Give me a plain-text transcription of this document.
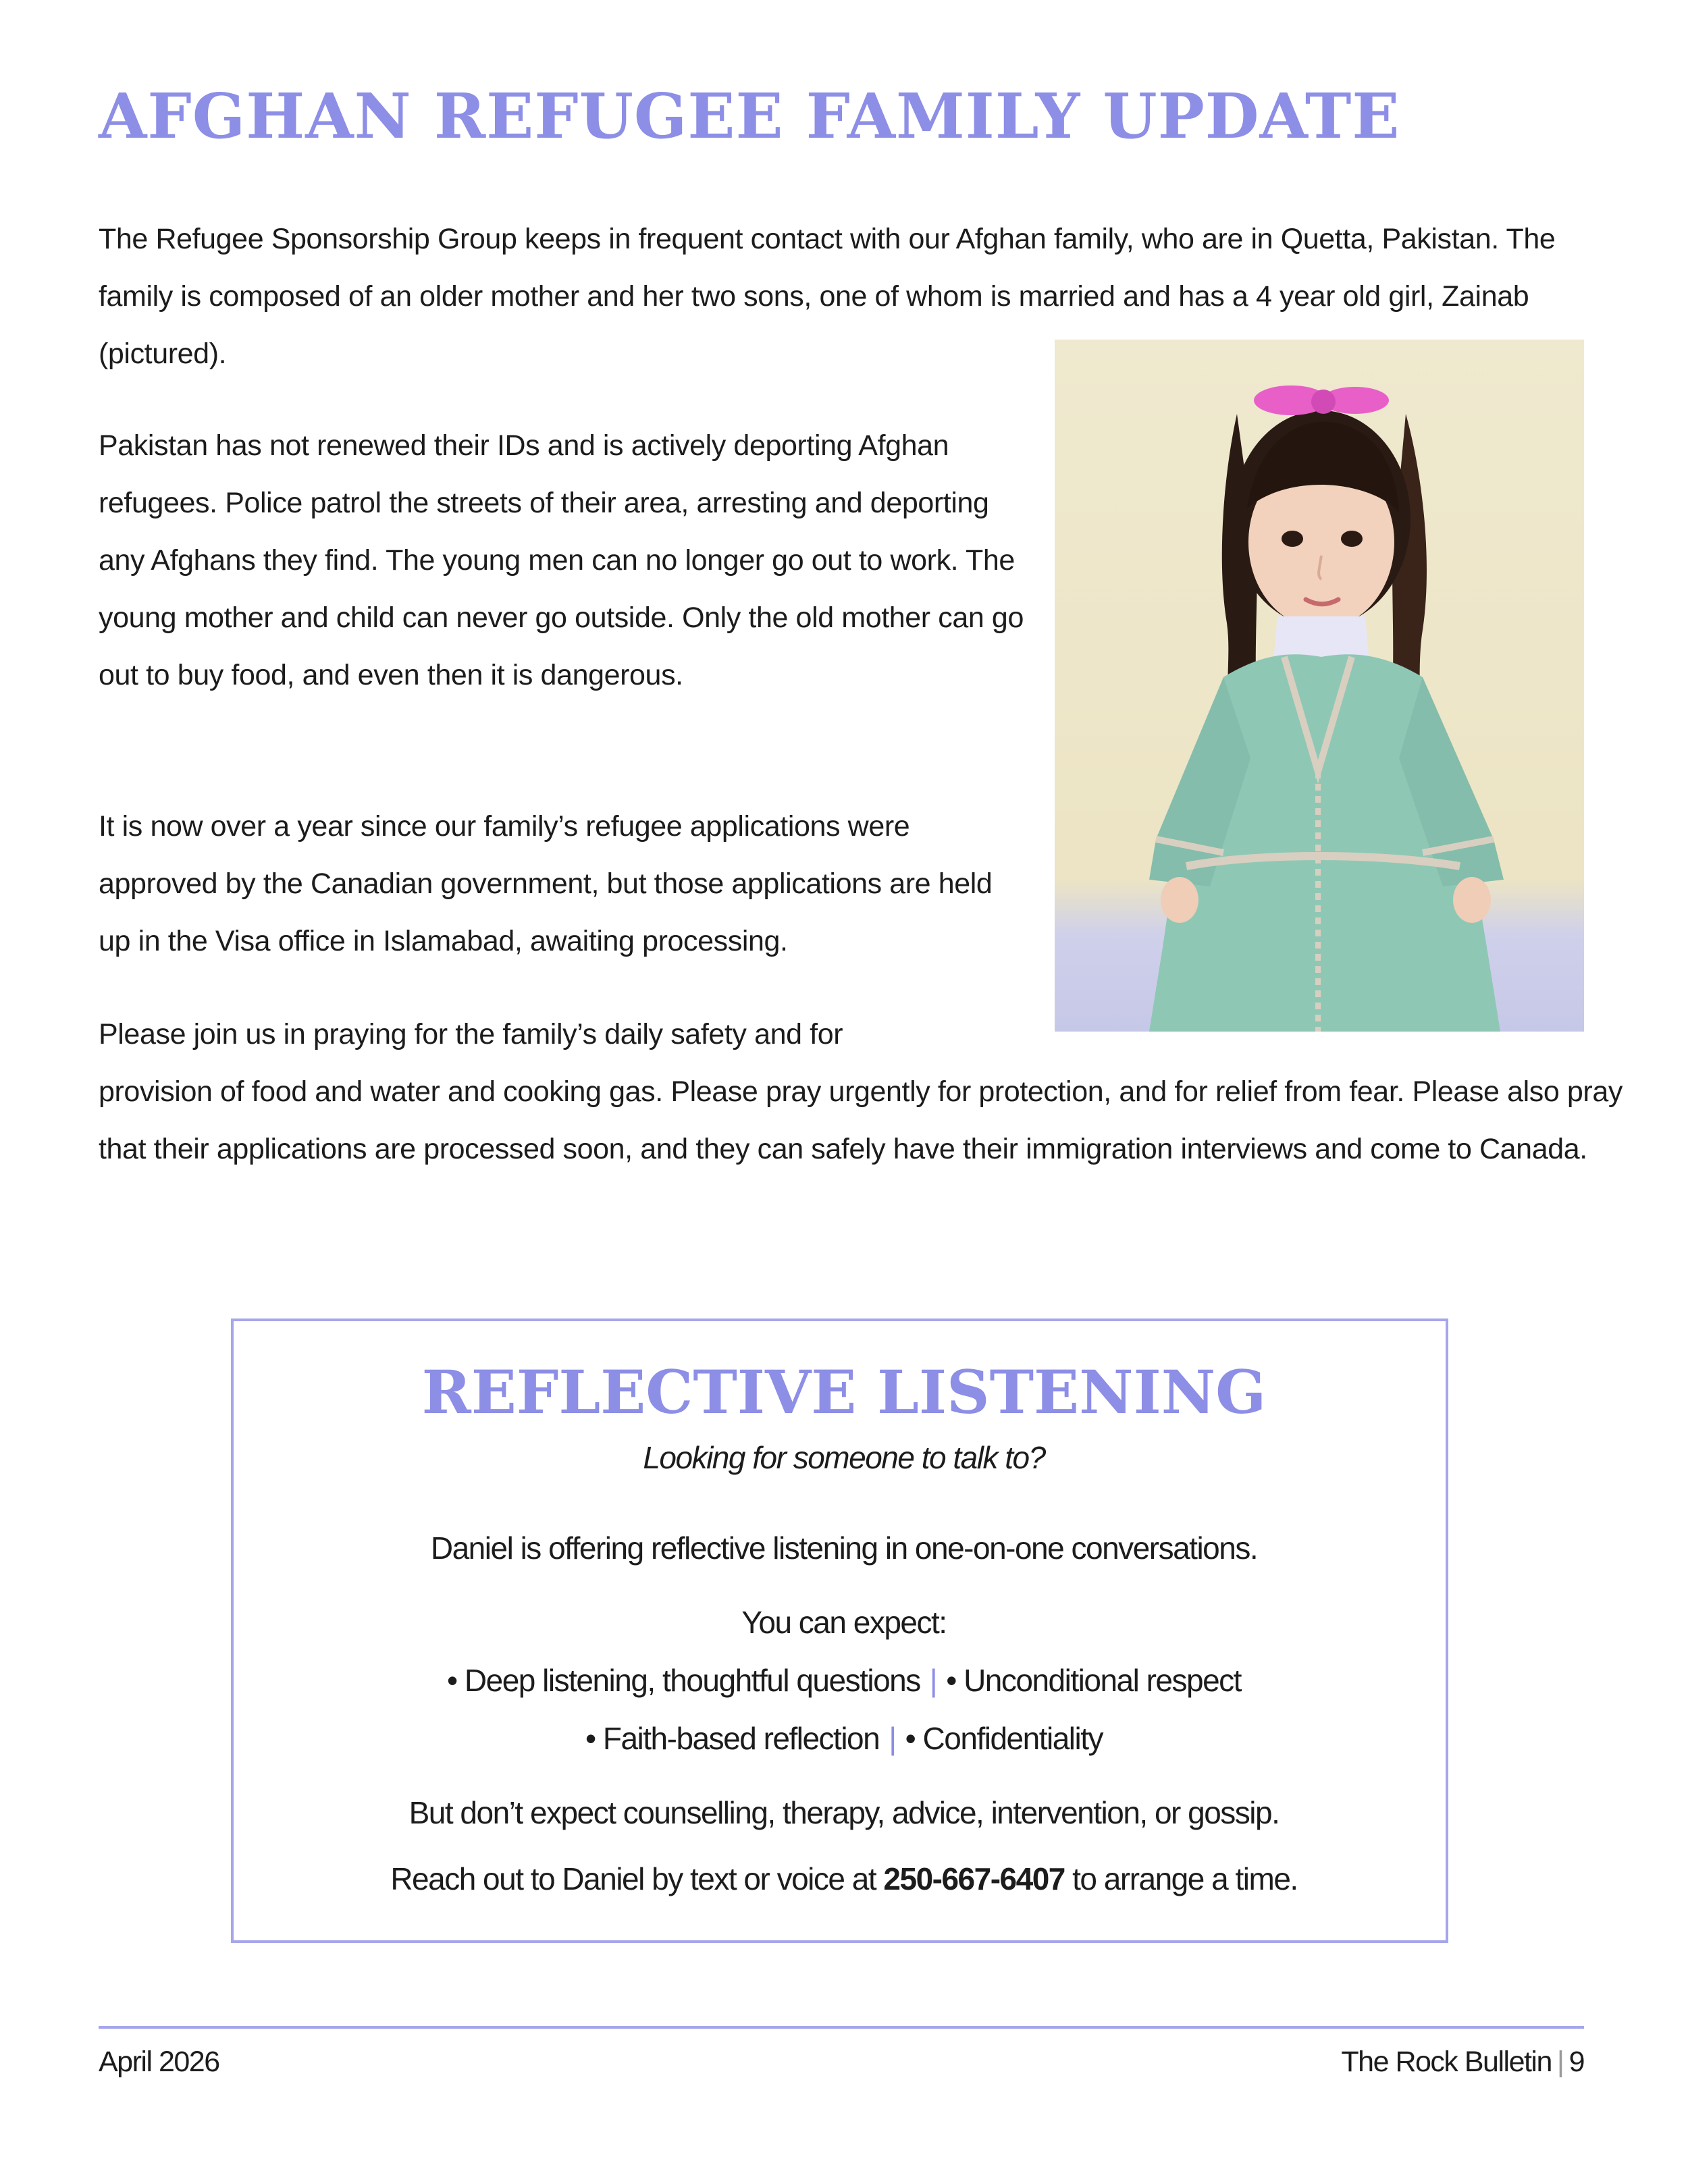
AFGHAN REFUGEE FAMILY UPDATE

The Refugee Sponsorship Group keeps in frequent contact with our Afghan family, who are in Quetta, Pakistan. The family is composed of an older mother and her two sons, one of whom is married and has a 4 year old girl, Zainab (pictured).

Pakistan has not renewed their IDs and is actively deporting Afghan refugees. Police patrol the streets of their area, arresting and deporting any Afghans they find. The young men can no longer go out to work. The young mother and child can never go outside. Only the old mother can go out to buy food, and even then it is dangerous.

It is now over a year since our family’s refugee applications were approved by the Canadian government, but those applications are held up in the Visa office in Islamabad, awaiting processing.

Please join us in praying for the family’s daily safety and for

provision of food and water and cooking gas. Please pray urgently for protection, and for relief from fear. Please also pray that their applications are processed soon, and they can safely have their immigration interviews and come to Canada.

REFLECTIVE LISTENING

Looking for someone to talk to?

Daniel is offering reflective listening in one-on-one conversations.

You can expect:

• Deep listening, thoughtful questions | • Unconditional respect

• Faith-based reflection | • Confidentiality

But don’t expect counselling, therapy, advice, intervention, or gossip.

Reach out to Daniel by text or voice at 250-667-6407 to arrange a time.

April 2026	The Rock Bulletin | 9
